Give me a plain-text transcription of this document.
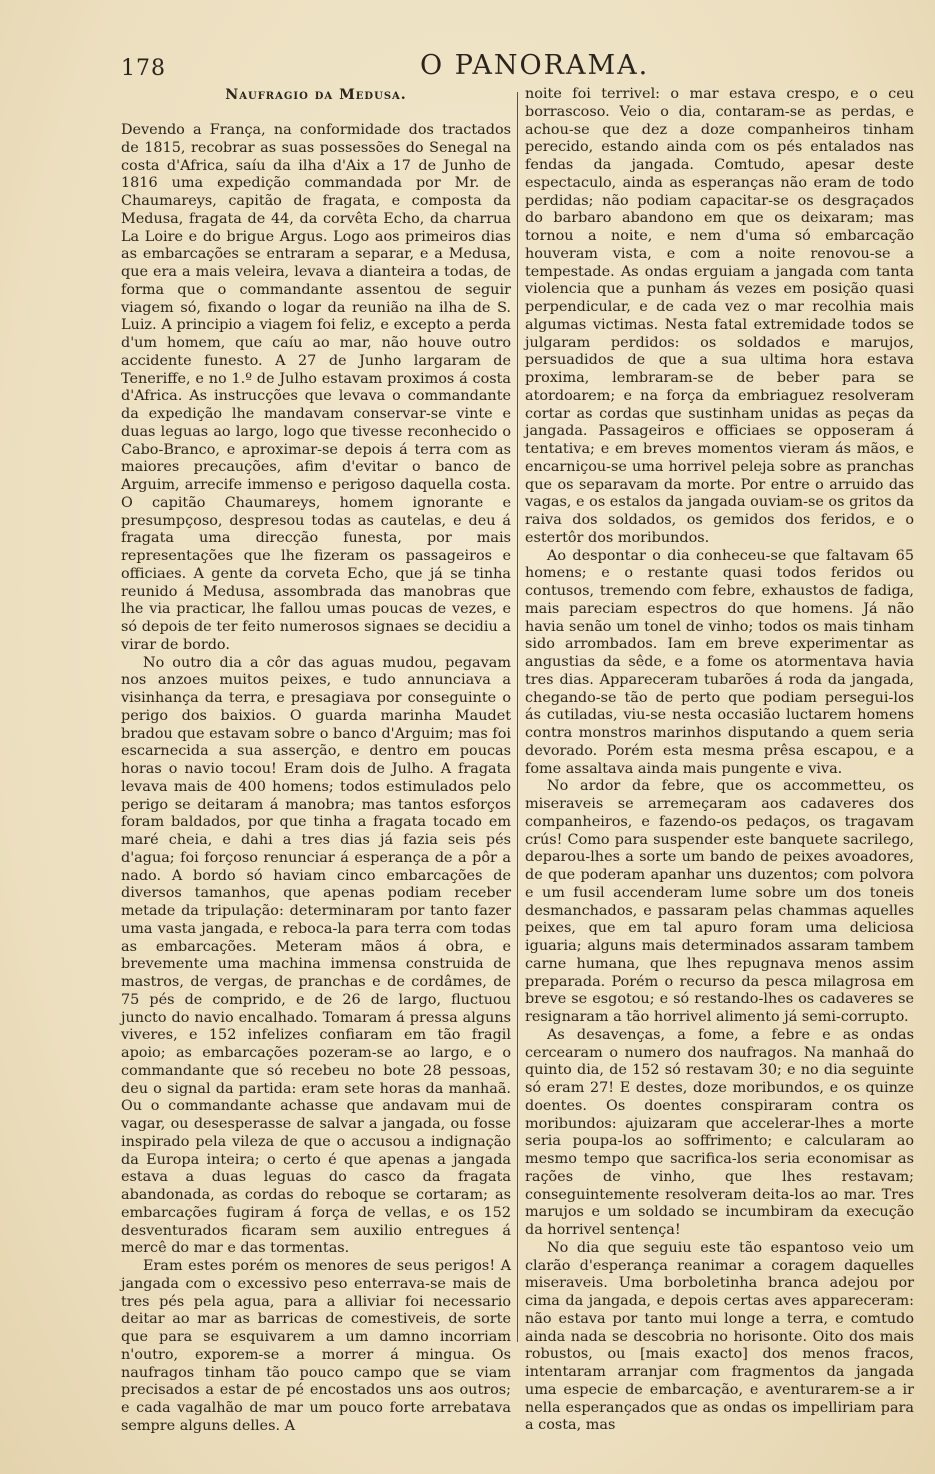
178	O PANORAMA.
Naufragio da Medusa.

Devendo a França, na conformidade dos tractados de 1815, recobrar as suas possessões do Senegal na costa d'Africa, saíu da ilha d'Aix a 17 de Junho de 1816 uma expedição commandada por Mr. de Chaumareys, capitão de fragata, e composta da Medusa, fragata de 44, da corvêta Echo, da charrua La Loire e do brigue Argus. Logo aos primeiros dias as embarcações se entraram a separar, e a Medusa, que era a mais veleira, levava a dianteira a todas, de forma que o commandante assentou de seguir viagem só, fixando o logar da reunião na ilha de S. Luiz. A principio a viagem foi feliz, e excepto a perda d'um homem, que caíu ao mar, não houve outro accidente funesto. A 27 de Junho largaram de Teneriffe, e no 1.º de Julho estavam proximos á costa d'Africa. As instrucções que levava o commandante da expedição lhe mandavam conservar-se vinte e duas leguas ao largo, logo que tivesse reconhecido o Cabo-Branco, e aproximar-se depois á terra com as maiores precauções, afim d'evitar o banco de Arguim, arrecife immenso e perigoso daquella costa. O capitão Chaumareys, homem ignorante e presumpçoso, despresou todas as cautelas, e deu á fragata uma direcção funesta, por mais representações que lhe fizeram os passageiros e officiaes. A gente da corveta Echo, que já se tinha reunido á Medusa, assombrada das manobras que lhe via practicar, lhe fallou umas poucas de vezes, e só depois de ter feito numerosos signaes se decidiu a virar de bordo.

No outro dia a côr das aguas mudou, pegavam nos anzoes muitos peixes, e tudo annunciava a visinhança da terra, e presagiava por conseguinte o perigo dos baixios. O guarda marinha Maudet bradou que estavam sobre o banco d'Arguim; mas foi escarnecida a sua asserção, e dentro em poucas horas o navio tocou! Eram dois de Julho. A fragata levava mais de 400 homens; todos estimulados pelo perigo se deitaram á manobra; mas tantos esforços foram baldados, por que tinha a fragata tocado em maré cheia, e dahi a tres dias já fazia seis pés d'agua; foi forçoso renunciar á esperança de a pôr a nado. A bordo só haviam cinco embarcações de diversos tamanhos, que apenas podiam receber metade da tripulação: determinaram por tanto fazer uma vasta jangada, e reboca-la para terra com todas as embarcações. Meteram mãos á obra, e brevemente uma machina immensa construida de mastros, de vergas, de pranchas e de cordâmes, de 75 pés de comprido, e de 26 de largo, fluctuou juncto do navio encalhado. Tomaram á pressa alguns viveres, e 152 infelizes confiaram em tão fragil apoio; as embarcações pozeram-se ao largo, e o commandante que só recebeu no bote 28 pessoas, deu o signal da partida: eram sete horas da manhaã. Ou o commandante achasse que andavam mui de vagar, ou desesperasse de salvar a jangada, ou fosse inspirado pela vileza de que o accusou a indignação da Europa inteira; o certo é que apenas a jangada estava a duas leguas do casco da fragata abandonada, as cordas do reboque se cortaram; as embarcações fugiram á força de vellas, e os 152 desventurados ficaram sem auxilio entregues á mercê do mar e das tormentas.

Eram estes porém os menores de seus perigos! A jangada com o excessivo peso enterrava-se mais de tres pés pela agua, para a alliviar foi necessario deitar ao mar as barricas de comestiveis, de sorte que para se esquivarem a um damno incorriam n'outro, exporem-se a morrer á mingua. Os naufragos tinham tão pouco campo que se viam precisados a estar de pé encostados uns aos outros; e cada vagalhão de mar um pouco forte arrebatava sempre alguns delles. A

noite foi terrivel: o mar estava crespo, e o ceu borrascoso. Veio o dia, contaram-se as perdas, e achou-se que dez a doze companheiros tinham perecido, estando ainda com os pés entalados nas fendas da jangada. Comtudo, apesar deste espectaculo, ainda as esperanças não eram de todo perdidas; não podiam capacitar-se os desgraçados do barbaro abandono em que os deixaram; mas tornou a noite, e nem d'uma só embarcação houveram vista, e com a noite renovou-se a tempestade. As ondas erguiam a jangada com tanta violencia que a punham ás vezes em posição quasi perpendicular, e de cada vez o mar recolhia mais algumas victimas. Nesta fatal extremidade todos se julgaram perdidos: os soldados e marujos, persuadidos de que a sua ultima hora estava proxima, lembraram-se de beber para se atordoarem; e na força da embriaguez resolveram cortar as cordas que sustinham unidas as peças da jangada. Passageiros e officiaes se opposeram á tentativa; e em breves momentos vieram ás mãos, e encarniçou-se uma horrivel peleja sobre as pranchas que os separavam da morte. Por entre o arruido das vagas, e os estalos da jangada ouviam-se os gritos da raiva dos soldados, os gemidos dos feridos, e o estertôr dos moribundos.

Ao despontar o dia conheceu-se que faltavam 65 homens; e o restante quasi todos feridos ou contusos, tremendo com febre, exhaustos de fadiga, mais pareciam espectros do que homens. Já não havia senão um tonel de vinho; todos os mais tinham sido arrombados. Iam em breve experimentar as angustias da sêde, e a fome os atormentava havia tres dias. Appareceram tubarões á roda da jangada, chegando-se tão de perto que podiam persegui-los ás cutiladas, viu-se nesta occasião luctarem homens contra monstros marinhos disputando a quem seria devorado. Porém esta mesma prêsa escapou, e a fome assaltava ainda mais pungente e viva.

No ardor da febre, que os accommetteu, os miseraveis se arremeçaram aos cadaveres dos companheiros, e fazendo-os pedaços, os tragavam crús! Como para suspender este banquete sacrilego, deparou-lhes a sorte um bando de peixes avoadores, de que poderam apanhar uns duzentos; com polvora e um fusil accenderam lume sobre um dos toneis desmanchados, e passaram pelas chammas aquelles peixes, que em tal apuro foram uma deliciosa iguaria; alguns mais determinados assaram tambem carne humana, que lhes repugnava menos assim preparada. Porém o recurso da pesca milagrosa em breve se esgotou; e só restando-lhes os cadaveres se resignaram a tão horrivel alimento já semi-corrupto.

As desavenças, a fome, a febre e as ondas cercearam o numero dos naufragos. Na manhaã do quinto dia, de 152 só restavam 30; e no dia seguinte só eram 27! E destes, doze moribundos, e os quinze doentes. Os doentes conspiraram contra os moribundos: ajuizaram que accelerar-lhes a morte seria poupa-los ao soffrimento; e calcularam ao mesmo tempo que sacrifica-los seria economisar as rações de vinho, que lhes restavam; conseguintemente resolveram deita-los ao mar. Tres marujos e um soldado se incumbiram da execução da horrivel sentença!

No dia que seguiu este tão espantoso veio um clarão d'esperança reanimar a coragem daquelles miseraveis. Uma borboletinha branca adejou por cima da jangada, e depois certas aves appareceram: não estava por tanto mui longe a terra, e comtudo ainda nada se descobria no horisonte. Oito dos mais robustos, ou [mais exacto] dos menos fracos, intentaram arranjar com fragmentos da jangada uma especie de embarcação, e aventurarem-se a ir nella esperançados que as ondas os impelliriam para a costa, mas
